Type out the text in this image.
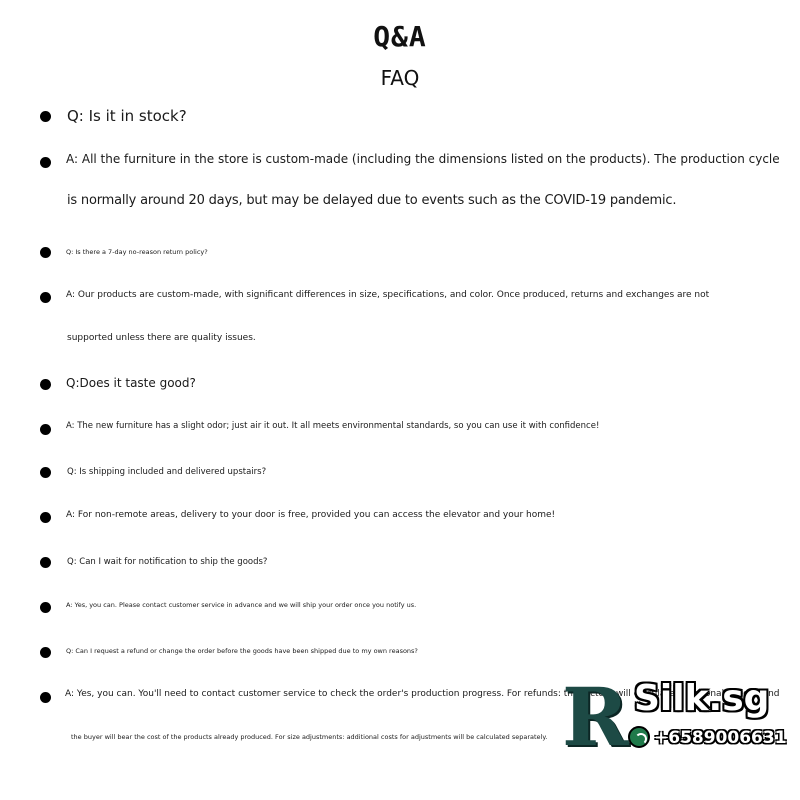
Q&A
FAQ
Q: Is it in stock?
A: All the furniture in the store is custom-made (including the dimensions listed on the products). The production cycle
is normally around 20 days, but may be delayed due to events such as the COVID-19 pandemic.
Q: Is there a 7-day no-reason return policy?
A: Our products are custom-made, with significant differences in size, specifications, and color. Once produced, returns and exchanges are not
supported unless there are quality issues.
Q:Does it taste good?
A: The new furniture has a slight odor; just air it out. It all meets environmental standards, so you can use it with confidence!
Q: Is shipping included and delivered upstairs?
A: For non-remote areas, delivery to your door is free, provided you can access the elevator and your home!
Q: Can I wait for notification to ship the goods?
A: Yes, you can. Please contact customer service in advance and we will ship your order once you notify us.
Q: Can I request a refund or change the order before the goods have been shipped due to my own reasons?
A: Yes, you can. You'll need to contact customer service to check the order's production progress. For refunds: the factory will calculate a reasonable cost, and
the buyer will bear the cost of the products already produced. For size adjustments: additional costs for adjustments will be calculated separately. R Silk.sg
+6589006631
